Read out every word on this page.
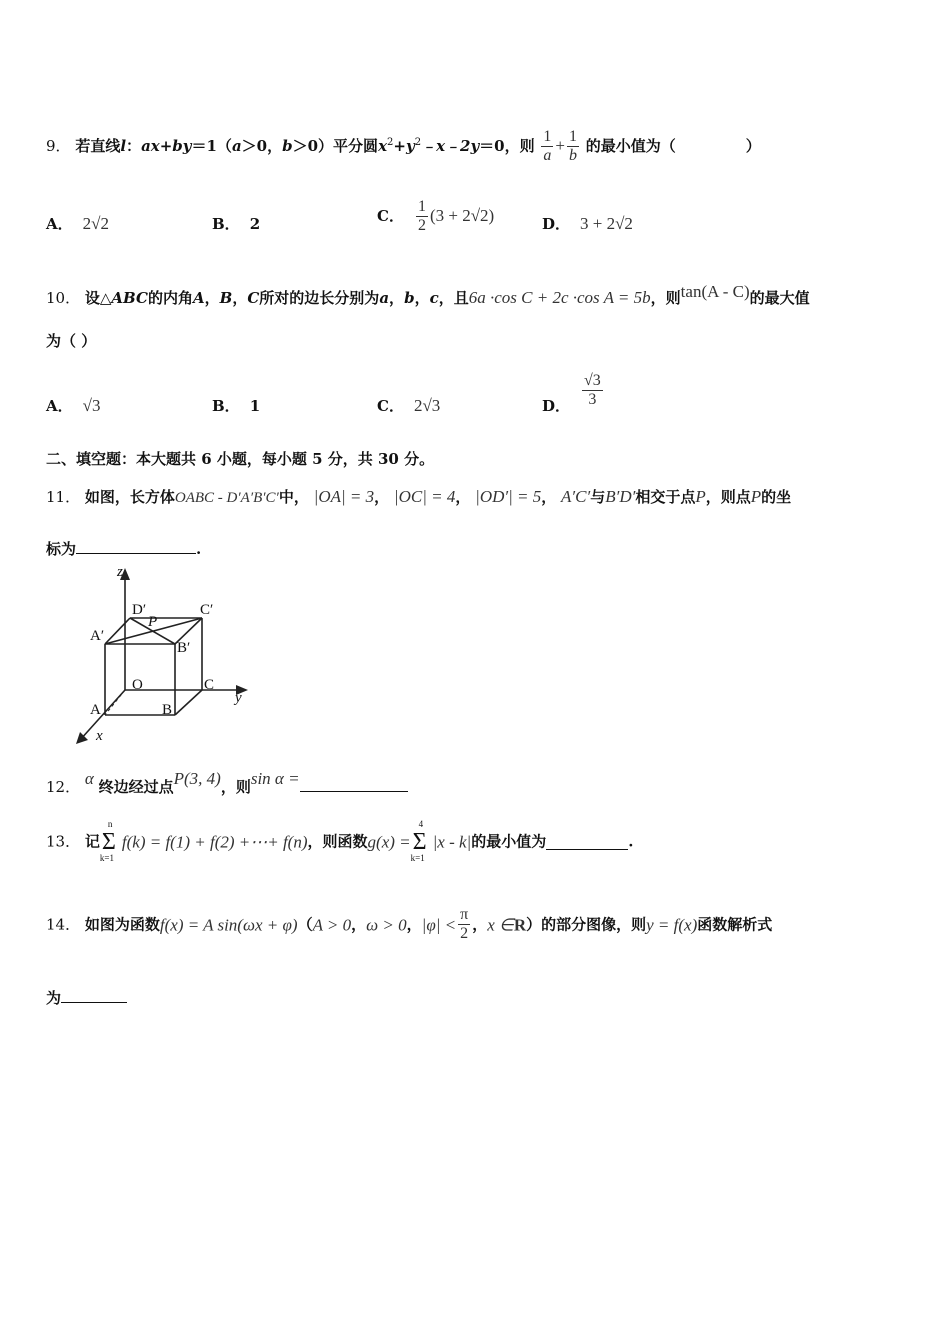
9． 若直线l：ax+by＝1（a＞0，b＞0）平分圆$x^2+y^2﹣x﹣2y=0$，则 $\frac{1}{a} + \frac{1}{b}$ 的最小值为（	）
A． 2√2	B． 2	C． $\frac{1}{2} (3 + 2√2)$	D． 3 + 2√2
10． 设△ABC的内角A，B，C所对的边长分别为a，b，c，且6a ·cos C + 2c ·cos A = 5b，则tan(A - C)的最大值
为（ ）
A． √3	B． 1	C． 2√3	D． $\frac{√3}{3}$
二、填空题：本大题共 6 小题，每小题 5 分，共 30 分。
11． 如图，长方体OABC - D′A′B′C′中， |OA| = 3， |OC| = 4， |OD′| = 5， A′C′与B′D′相交于点P，则点P的坐
标为	.
z
y
x
O
A	B
C
A′
B′
C′
D′
P
12． α 终边经过点P(3, 4)，则sin α =
13． 记
n
Σ
k=1
f(k) = f(1) + f(2) +⋯+ f(n)，则函数g(x) =
4
Σ
k=1
|x - k|的最小值为	.
14． 如图为函数f(x) = A sin(ωx + φ)（A > 0，ω > 0，$|\varphi| < \frac{\pi}{2}$ ，x ∈R）的部分图像，则y = f(x)函数解析式
为
